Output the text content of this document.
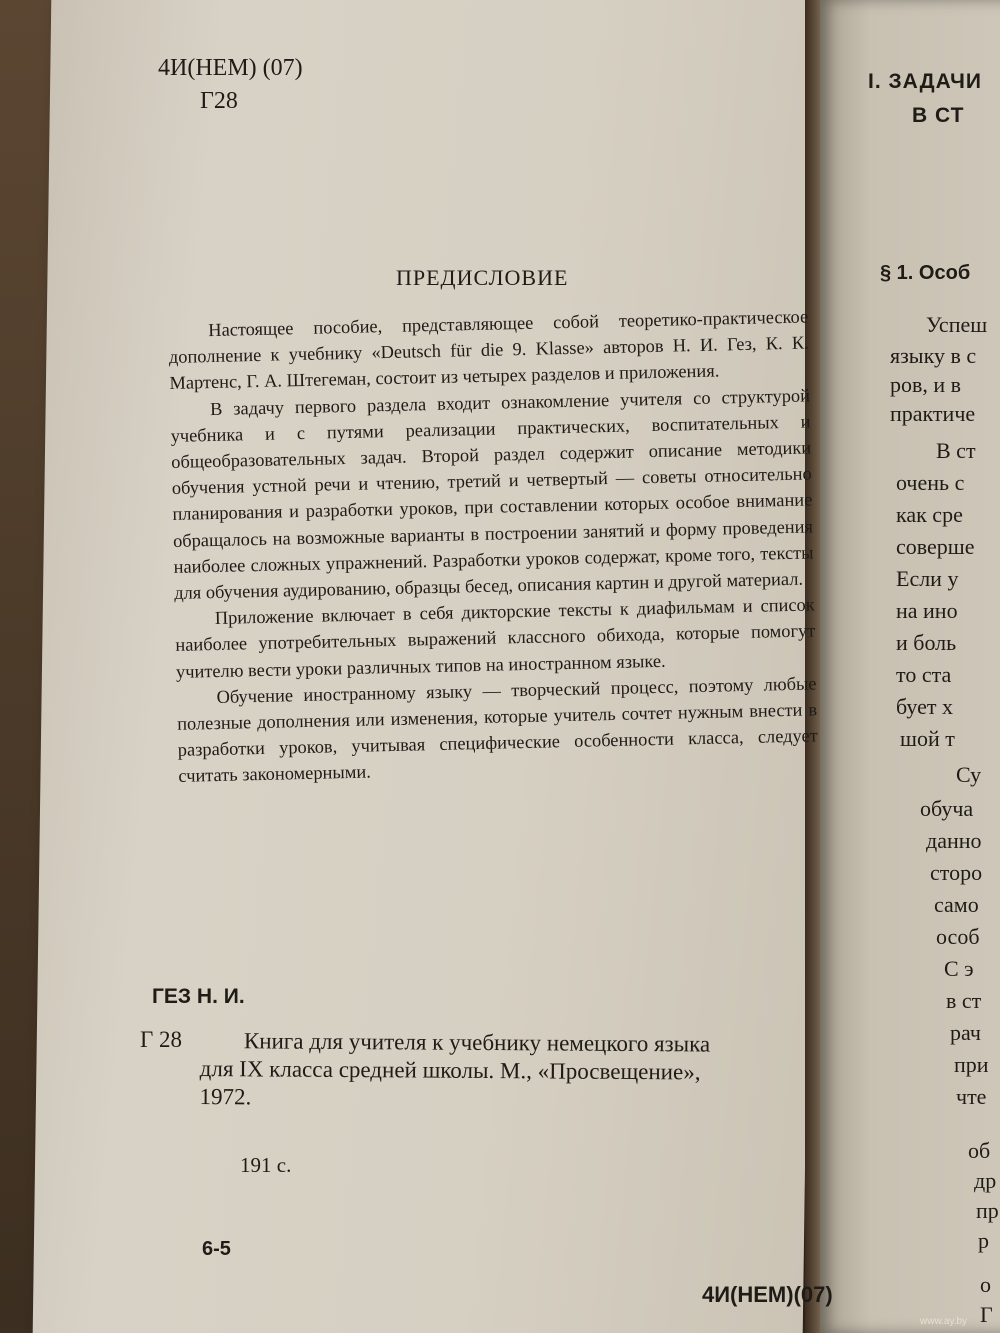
4И(НЕМ) (07)
Г28
ПРЕДИСЛОВИЕ

Настоящее пособие, представляющее собой теоретико-практическое дополнение к учебнику «Deutsch für die 9. Klasse» авторов Н. И. Гез, К. К. Мартенс, Г. А. Штегеман, состоит из четырех разделов и приложения.

В задачу первого раздела входит ознакомление учителя со структурой учебника и с путями реализации практических, воспитательных и общеобразовательных задач. Второй раздел содержит описание методики обучения устной речи и чтению, третий и четвертый — советы относительно планирования и разработки уроков, при составлении которых особое внимание обращалось на возможные варианты в построении занятий и форму проведения наиболее сложных упражнений. Разработки уроков содержат, кроме того, тексты для обучения аудированию, образцы бесед, описания картин и другой материал.

Приложение включает в себя дикторские тексты к диафильмам и список наиболее употребительных выражений классного обихода, которые помогут учителю вести уроки различных типов на иностранном языке.

Обучение иностранному языку — творческий процесс, поэтому любые полезные дополнения или изменения, которые учитель сочтет нужным внести в разработки уроков, учитывая специфические особенности класса, следует считать закономерными.

ГЕЗ Н. И.
Г 28	Книга для учителя к учебнику немецкого языка
для IX класса средней школы. М., «Просвещение»,
1972.
191 с.
6-5
4И(НЕМ)(07)
I. ЗАДАЧИ
В СТ
§ 1. Особ
Успеш
языку в с
ров, и в
практиче
В ст
очень с
как сре
соверше
Если у
на ино
и боль
то ста
бует х
шой т
Су
обуча
данно
сторо
само
особ
С э
в ст
рач
при
чте
об
др
пр
р
о
Г
www.ay.by
